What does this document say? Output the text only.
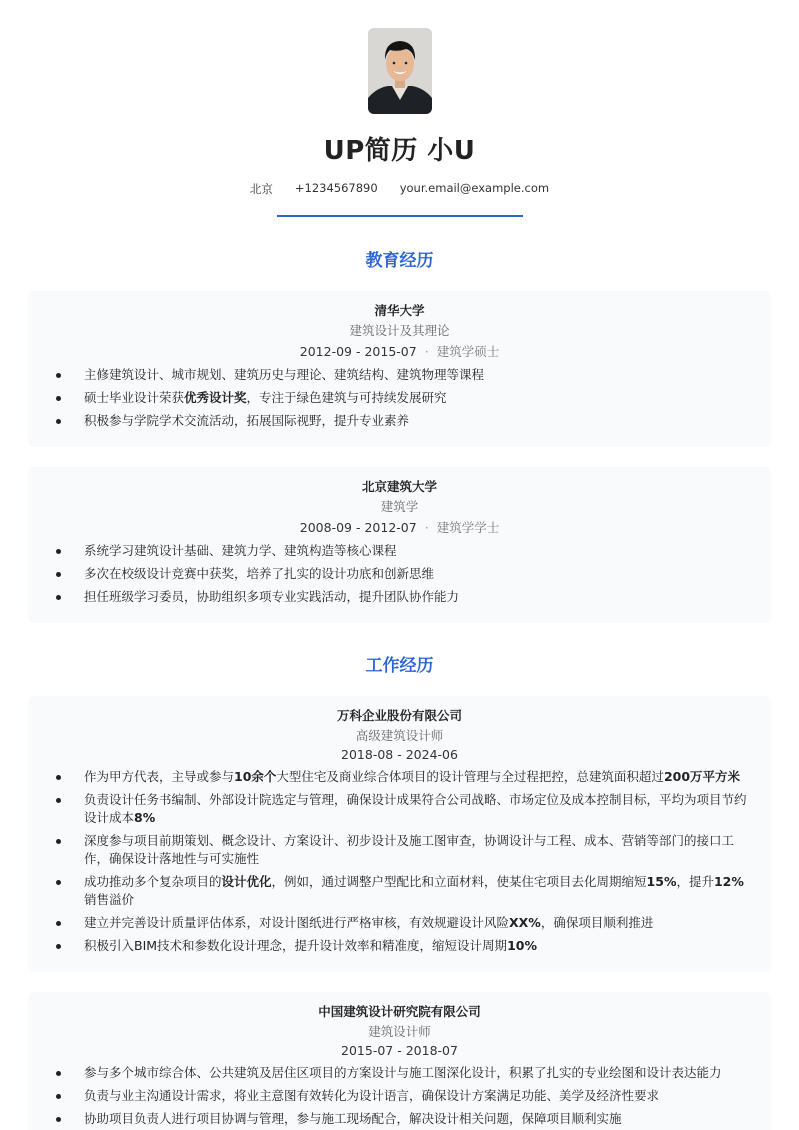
UP简历 小U
北京 +1234567890 your.email@example.com
教育经历
清华大学
建筑设计及其理论
2012-09 - 2015-07 · 建筑学硕士
主修建筑设计、城市规划、建筑历史与理论、建筑结构、建筑物理等课程
硕士毕业设计荣获优秀设计奖，专注于绿色建筑与可持续发展研究
积极参与学院学术交流活动，拓展国际视野，提升专业素养
北京建筑大学
建筑学
2008-09 - 2012-07 · 建筑学学士
系统学习建筑设计基础、建筑力学、建筑构造等核心课程
多次在校级设计竞赛中获奖，培养了扎实的设计功底和创新思维
担任班级学习委员，协助组织多项专业实践活动，提升团队协作能力
工作经历
万科企业股份有限公司
高级建筑设计师
2018-08 - 2024-06
作为甲方代表，主导或参与10余个大型住宅及商业综合体项目的设计管理与全过程把控，总建筑面积超过200万平方米
负责设计任务书编制、外部设计院选定与管理，确保设计成果符合公司战略、市场定位及成本控制目标，平均为项目节约设计成本8%
深度参与项目前期策划、概念设计、方案设计、初步设计及施工图审查，协调设计与工程、成本、营销等部门的接口工作，确保设计落地性与可实施性
成功推动多个复杂项目的设计优化，例如，通过调整户型配比和立面材料，使某住宅项目去化周期缩短15%，提升12%销售溢价
建立并完善设计质量评估体系，对设计图纸进行严格审核，有效规避设计风险XX%，确保项目顺利推进
积极引入BIM技术和参数化设计理念，提升设计效率和精准度，缩短设计周期10%
中国建筑设计研究院有限公司
建筑设计师
2015-07 - 2018-07
参与多个城市综合体、公共建筑及居住区项目的方案设计与施工图深化设计，积累了扎实的专业绘图和设计表达能力
负责与业主沟通设计需求，将业主意图有效转化为设计语言，确保设计方案满足功能、美学及经济性要求
协助项目负责人进行项目协调与管理，参与施工现场配合，解决设计相关问题，保障项目顺利实施
